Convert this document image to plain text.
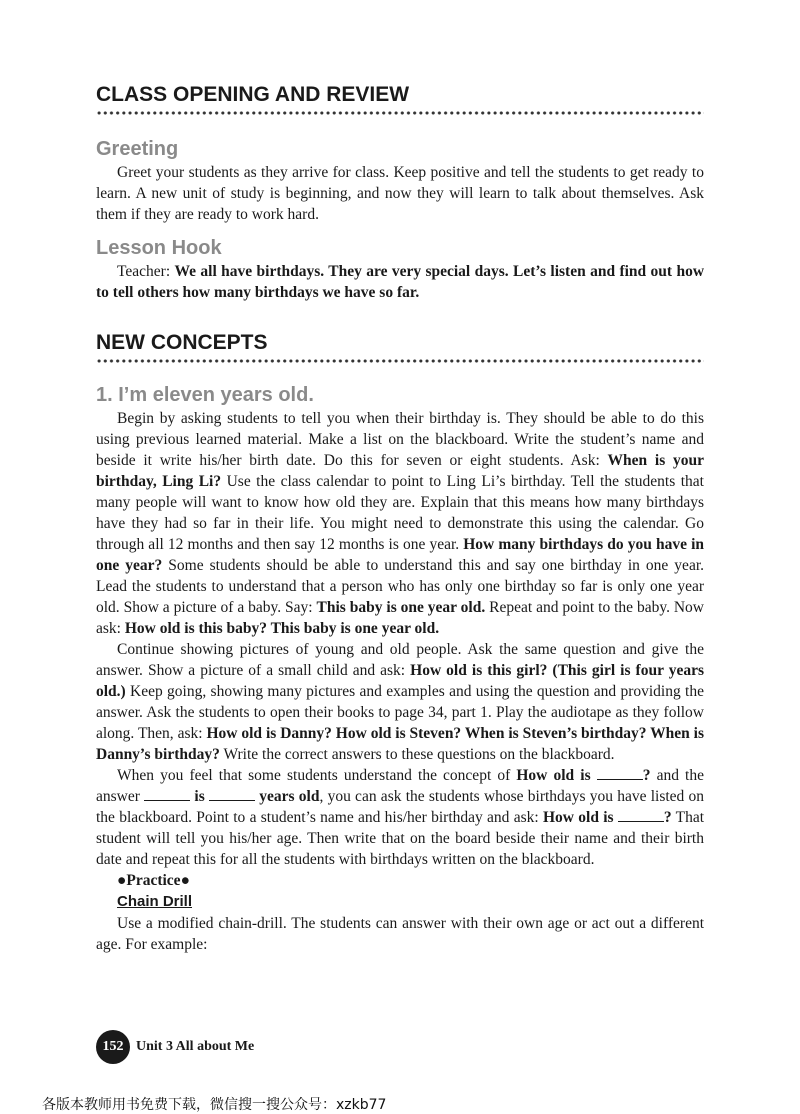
CLASS OPENING AND REVIEW
Greeting

Greet your students as they arrive for class. Keep positive and tell the students to get ready to learn. A new unit of study is beginning, and now they will learn to talk about themselves. Ask them if they are ready to work hard.

Lesson Hook

Teacher: We all have birthdays. They are very special days. Let’s listen and find out how to tell others how many birthdays we have so far.

NEW CONCEPTS
1. I’m eleven years old.

Begin by asking students to tell you when their birthday is. They should be able to do this using previous learned material. Make a list on the blackboard. Write the student’s name and beside it write his/her birth date. Do this for seven or eight students. Ask: When is your birthday, Ling Li? Use the class calendar to point to Ling Li’s birthday. Tell the students that many people will want to know how old they are. Explain that this means how many birthdays have they had so far in their life. You might need to demonstrate this using the calendar. Go through all 12 months and then say 12 months is one year. How many birthdays do you have in one year? Some students should be able to understand this and say one birthday in one year. Lead the students to understand that a person who has only one birthday so far is only one year old. Show a picture of a baby. Say: This baby is one year old. Repeat and point to the baby. Now ask: How old is this baby? This baby is one year old.

Continue showing pictures of young and old people. Ask the same question and give the answer. Show a picture of a small child and ask: How old is this girl? (This girl is four years old.) Keep going, showing many pictures and examples and using the question and providing the answer. Ask the students to open their books to page 34, part 1. Play the audiotape as they follow along. Then, ask: How old is Danny? How old is Steven? When is Steven’s birthday? When is Danny’s birthday? Write the correct answers to these questions on the blackboard.

When you feel that some students understand the concept of How old is	? and the answer	is	years old, you can ask the students whose birthdays you have listed on the blackboard. Point to a student’s name and his/her birthday and ask: How old is	? That student will tell you his/her age. Then write that on the board beside their name and their birth date and repeat this for all the students with birthdays written on the blackboard.

●Practice●
Chain Drill

Use a modified chain-drill. The students can answer with their own age or act out a different age. For example:

152 Unit 3 All about Me
各版本教师用书免费下载，微信搜一搜公众号：xzkb77
